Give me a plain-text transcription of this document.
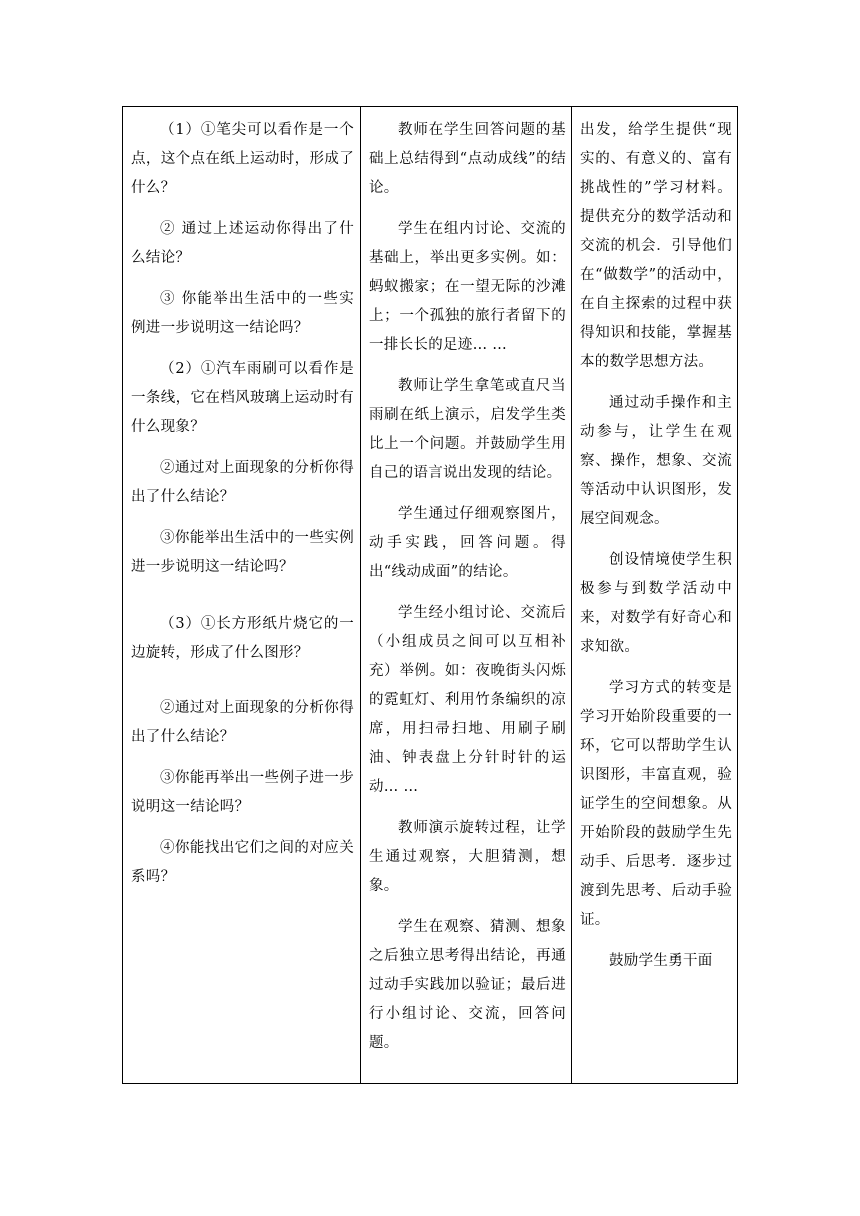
（1）①笔尖可以看作是一个点，这个点在纸上运动时，形成了什么？

② 通过上述运动你得出了什么结论？

③ 你能举出生活中的一些实例进一步说明这一结论吗？

（2）①汽车雨刷可以看作是一条线，它在档风玻璃上运动时有什么现象？

②通过对上面现象的分析你得出了什么结论？

③你能举出生活中的一些实例进一步说明这一结论吗？

（3）①长方形纸片烧它的一边旋转，形成了什么图形？

②通过对上面现象的分析你得出了什么结论？

③你能再举出一些例子进一步说明这一结论吗？

④你能找出它们之间的对应关系吗？

教师在学生回答问题的基础上总结得到“点动成线”的结论。

学生在组内讨论、交流的基础上，举出更多实例。如：蚂蚁搬家；在一望无际的沙滩上；一个孤独的旅行者留下的一排长长的足迹… …

教师让学生拿笔或直尺当雨刷在纸上演示，启发学生类比上一个问题。并鼓励学生用自己的语言说出发现的结论。

学生通过仔细观察图片，动手实践，回答问题。得出“线动成面”的结论。

学生经小组讨论、交流后（小组成员之间可以互相补充）举例。如：夜晚街头闪烁的霓虹灯、利用竹条编织的凉席，用扫帚扫地、用刷子刷油、钟表盘上分针时针的运动… …

教师演示旋转过程，让学生通过观察，大胆猜测，想象。

学生在观察、猜测、想象之后独立思考得出结论，再通过动手实践加以验证；最后进行小组讨论、交流，回答问题。

出发，给学生提供“现实的、有意义的、富有挑战性的”学习材料。提供充分的数学活动和交流的机会．引导他们在“做数学”的活动中，在自主探索的过程中获得知识和技能，掌握基本的数学思想方法。

通过动手操作和主动参与，让学生在观察、操作，想象、交流等活动中认识图形，发展空间观念。

创设情境使学生积极参与到数学活动中来，对数学有好奇心和求知欲。

学习方式的转变是学习开始阶段重要的一环，它可以帮助学生认识图形，丰富直观，验证学生的空间想象。从开始阶段的鼓励学生先动手、后思考．逐步过渡到先思考、后动手验证。

鼓励学生勇干面
